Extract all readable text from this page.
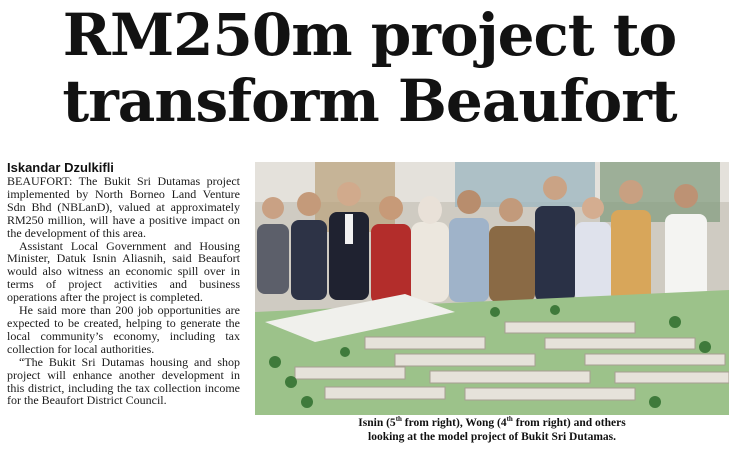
RM250m project to
transform Beaufort
Iskandar Dzulkifli

BEAUFORT: The Bukit Sri Dutamas project implemented by North Borneo Land Venture Sdn Bhd (NBLanD), valued at approximately RM250 million, will have a positive impact on the development of this area.

Assistant Local Government and Housing Minister, Datuk Isnin Aliasnih, said Beaufort would also witness an economic spill over in terms of project activities and business operations after the project is completed.

He said more than 200 job opportunities are expected to be created, helping to generate the local community’s economy, including tax collection for local authorities.

“The Bukit Sri Dutamas housing and shop project will enhance another development in this district, including the tax collection income for the Beaufort District Council.

Isnin (5th from right), Wong (4th from right) and others
looking at the model project of Bukit Sri Dutamas.
